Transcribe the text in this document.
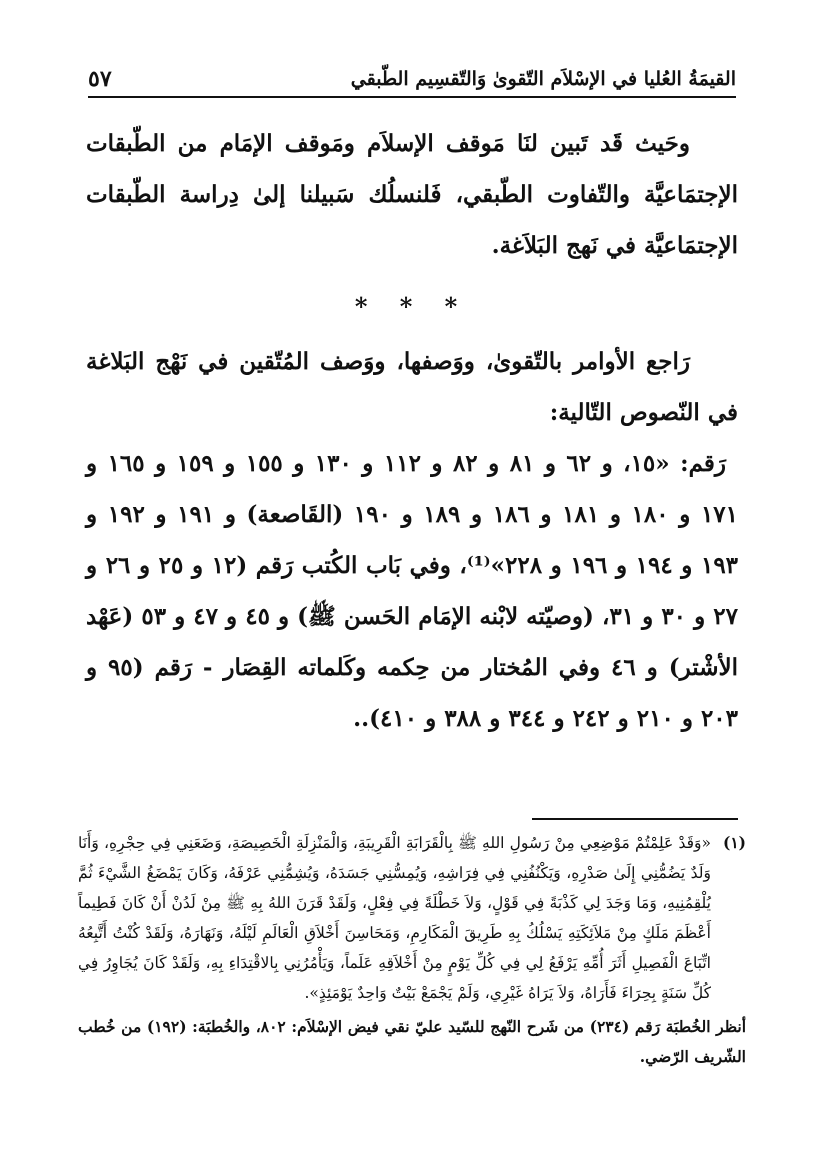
القيمَةُ العُليا في الإسْلاَم التّقوىٰ وَالتّقسِيم الطّبقي
٥٧

وحَيث قَد تَبين لنَا مَوقف الإسلاَم ومَوقف الإمَام من الطّبقات الإجتمَاعيَّة والتّفاوت الطّبقي، فَلنسلُك سَبيلنا إلىٰ دِراسة الطّبقات الإجتمَاعيَّة في نَهج البَلاَغة.

* * *

رَاجع الأوامر بالتّقوىٰ، ووَصفها، ووَصف المُتّقين في نَهْج البَلاغة في النّصوص التّالية:

رَقم: «١٥، و ٦٢ و ٨١ و ٨٢ و ١١٢ و ١٣٠ و ١٥٥ و ١٥٩ و ١٦٥ و ١٧١ و ١٨٠ و ١٨١ و ١٨٦ و ١٨٩ و ١٩٠ (القَاصعة) و ١٩١ و ١٩٢ و ١٩٣ و ١٩٤ و ١٩٦ و ٢٢٨»⁽¹⁾، وفي بَاب الكُتب رَقم (١٢ و ٢٥ و ٢٦ و ٢٧ و ٣٠ و ٣١، (وصيّته لابْنه الإمَام الحَسن ﷺ) و ٤٥ و ٤٧ و ٥٣ (عَهْد الأشْتر) و ٤٦ وفي المُختار من حِكمه وكَلماته القِصَار - رَقم (٩٥ و ٢٠٣ و ٢١٠ و ٢٤٢ و ٣٤٤ و ٣٨٨ و ٤١٠)..

(١)
«وَقَدْ عَلِمْتُمْ مَوْضِعِي مِنْ رَسُولِ اللهِ ﷺ بِالْقَرَابَةِ الْقَرِيبَةِ، وَالْمَنْزِلَةِ الْخَصِيصَةِ، وَضَعَنِي فِي حِجْرِهِ، وَأَنَا وَلَدٌ يَضُمُّنِي إِلَىٰ صَدْرِهِ، وَيَكْنُفُنِي فِي فِرَاشِهِ، وَيُمِسُّنِي جَسَدَهُ، وَيُشِمُّنِي عَرْفَهُ، وَكَانَ يَمْضَغُ الشَّيْءَ ثُمَّ يُلْقِمُنِيهِ، وَمَا وَجَدَ لِي كَذْبَةً فِي قَوْلٍ، وَلاَ خَطْلَةً فِي فِعْلٍ، وَلَقَدْ قَرَنَ اللهُ بِهِ ﷺ مِنْ لَدُنْ أَنْ كَانَ فَطِيماً أَعْظَمَ مَلَكٍ مِنْ مَلاَئِكَتِهِ يَسْلُكُ بِهِ طَرِيقَ الْمَكَارِمِ، وَمَحَاسِنَ أَخْلاَقِ الْعَالَمِ لَيْلَهُ، وَنَهَارَهُ، وَلَقَدْ كُنْتُ أَتَّبِعُهُ اتِّبَاعَ الْفَصِيلِ أَثَرَ أُمِّهِ يَرْفَعُ لِي فِي كُلِّ يَوْمٍ مِنْ أَخْلاَقِهِ عَلَماً، وَيَأْمُرُنِي بِالاقْتِدَاءِ بِهِ، وَلَقَدْ كَانَ يُجَاوِرُ فِي كُلِّ سَنَةٍ بِحِرَاءَ فَأَرَاهُ، وَلاَ يَرَاهُ غَيْرِي، وَلَمْ يَجْمَعْ بَيْتٌ وَاحِدٌ يَوْمَئِذٍ».
أنظر الخُطبَة رَقم (٢٣٤) من شَرح النّهج للسّيد عليّ نقي فيض الإسْلاَم: ٨٠٢، والخُطبَة: (١٩٢) من خُطب الشّريف الرّضي.
